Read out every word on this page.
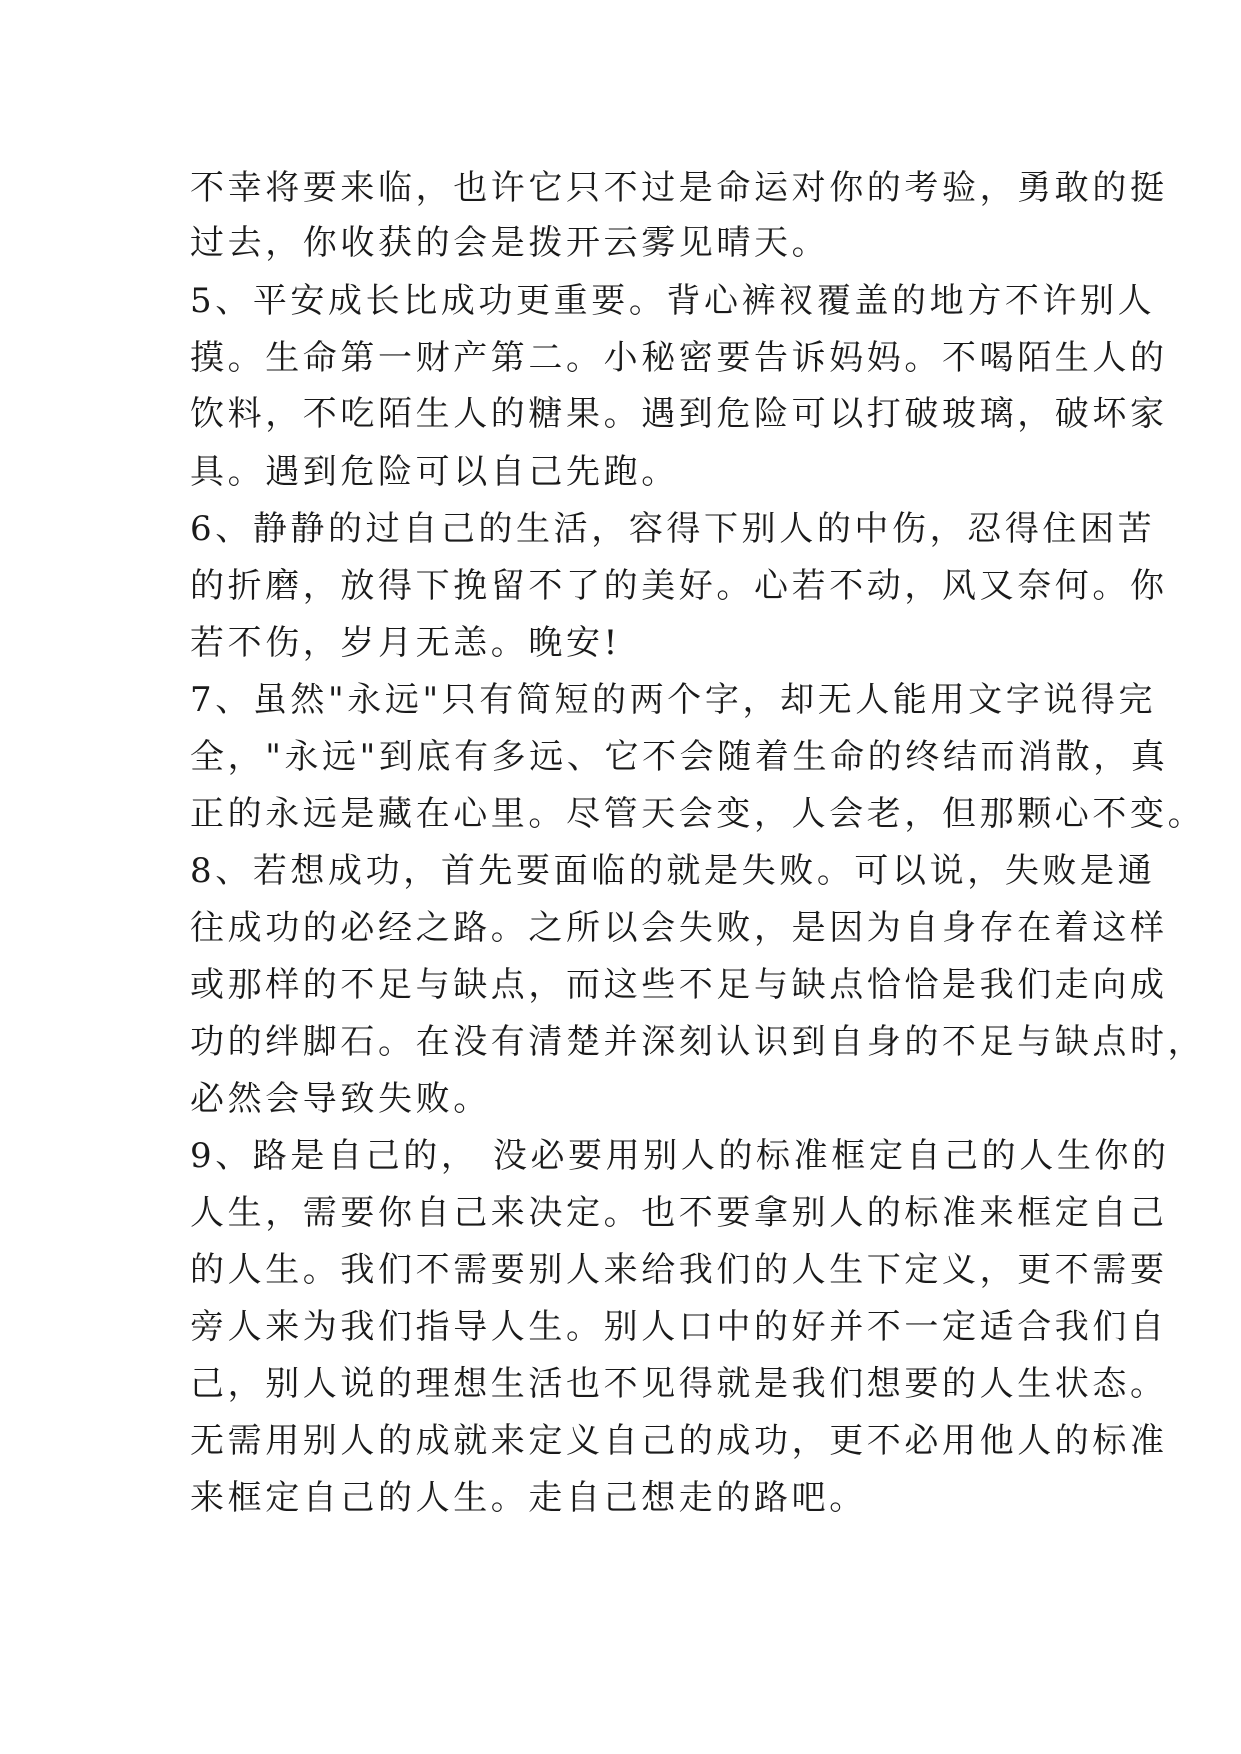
不幸将要来临，也许它只不过是命运对你的考验，勇敢的挺

过去，你收获的会是拨开云雾见晴天。

5、平安成长比成功更重要。背心裤衩覆盖的地方不许别人

摸。生命第一财产第二。小秘密要告诉妈妈。不喝陌生人的

饮料，不吃陌生人的糖果。遇到危险可以打破玻璃，破坏家

具。遇到危险可以自己先跑。

6、静静的过自己的生活，容得下别人的中伤，忍得住困苦

的折磨，放得下挽留不了的美好。心若不动，风又奈何。你

若不伤，岁月无恙。晚安!

7、虽然"永远"只有简短的两个字，却无人能用文字说得完

全，"永远"到底有多远、它不会随着生命的终结而消散，真

正的永远是藏在心里。尽管天会变，人会老，但那颗心不变。

8、若想成功，首先要面临的就是失败。可以说，失败是通

往成功的必经之路。之所以会失败，是因为自身存在着这样

或那样的不足与缺点，而这些不足与缺点恰恰是我们走向成

功的绊脚石。在没有清楚并深刻认识到自身的不足与缺点时，

必然会导致失败。

9、路是自己的， 没必要用别人的标准框定自己的人生你的

人生，需要你自己来决定。也不要拿别人的标准来框定自己

的人生。我们不需要别人来给我们的人生下定义，更不需要

旁人来为我们指导人生。别人口中的好并不一定适合我们自

己，别人说的理想生活也不见得就是我们想要的人生状态。

无需用别人的成就来定义自己的成功，更不必用他人的标准

来框定自己的人生。走自己想走的路吧。
